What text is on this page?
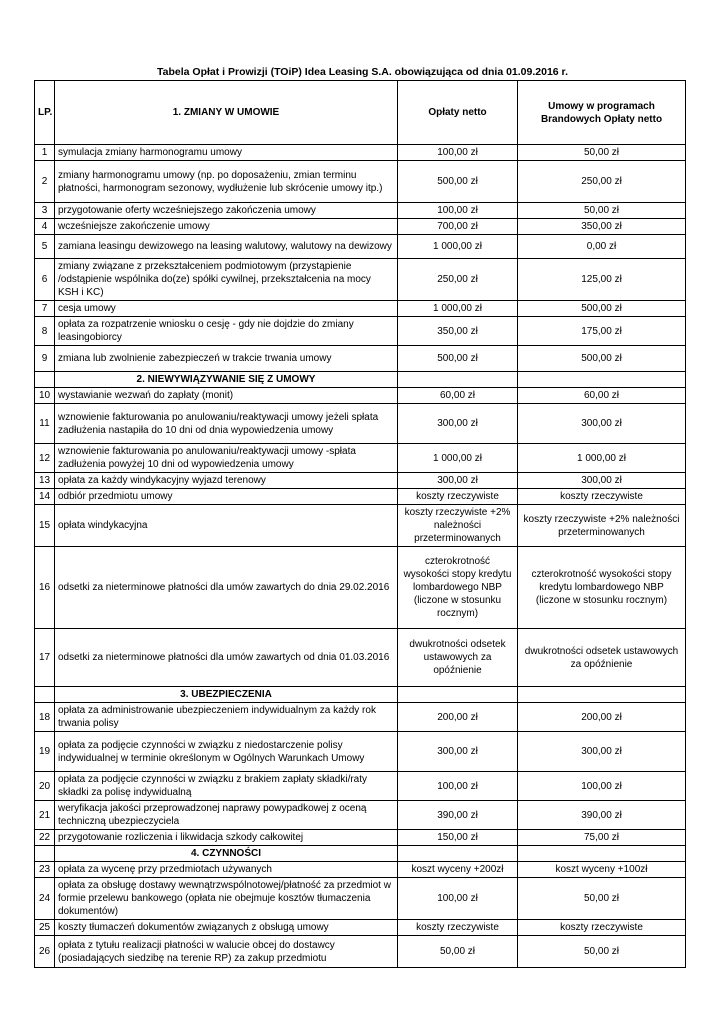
Tabela Opłat i Prowizji (TOiP) Idea Leasing S.A. obowiązująca od dnia 01.09.2016 r.
LP.	1. ZMIANY W UMOWIE	Opłaty netto	Umowy w programach Brandowych Opłaty netto
1	symulacja zmiany harmonogramu umowy	100,00 zł	50,00 zł
2	zmiany harmonogramu umowy (np. po doposażeniu, zmian terminu płatności, harmonogram sezonowy, wydłużenie lub skrócenie umowy itp.)	500,00 zł	250,00 zł
3	przygotowanie oferty wcześniejszego zakończenia umowy	100,00 zł	50,00 zł
4	wcześniejsze zakończenie umowy	700,00 zł	350,00 zł
5	zamiana leasingu dewizowego na leasing walutowy, walutowy na dewizowy	1 000,00 zł	0,00 zł
6	zmiany związane z przekształceniem podmiotowym (przystąpienie /odstąpienie wspólnika do(ze) spółki cywilnej, przekształcenia na mocy KSH i KC)	250,00 zł	125,00 zł
7	cesja umowy	1 000,00 zł	500,00 zł
8	opłata za rozpatrzenie wniosku o cesję - gdy nie dojdzie do zmiany leasingobiorcy	350,00 zł	175,00 zł
9	zmiana lub zwolnienie zabezpieczeń w trakcie trwania umowy	500,00 zł	500,00 zł
	2. NIEWYWIĄZYWANIE SIĘ Z UMOWY		
10	wystawianie wezwań do zapłaty (monit)	60,00 zł	60,00 zł
11	wznowienie fakturowania po anulowaniu/reaktywacji umowy jeżeli spłata zadłużenia nastapiła do 10 dni od dnia wypowiedzenia umowy	300,00 zł	300,00 zł
12	wznowienie fakturowania po anulowaniu/reaktywacji umowy -spłata zadłużenia powyżej 10 dni od wypowiedzenia umowy	1 000,00 zł	1 000,00 zł
13	opłata za każdy windykacyjny wyjazd terenowy	300,00 zł	300,00 zł
14	odbiór przedmiotu umowy	koszty rzeczywiste	koszty rzeczywiste
15	opłata windykacyjna	koszty rzeczywiste +2% należności przeterminowanych	koszty rzeczywiste +2% należności przeterminowanych
16	odsetki za nieterminowe płatności dla umów zawartych do dnia 29.02.2016	czterokrotność wysokości stopy kredytu lombardowego NBP (liczone w stosunku rocznym)	czterokrotność wysokości stopy kredytu lombardowego NBP (liczone w stosunku rocznym)
17	odsetki za nieterminowe płatności dla umów zawartych od dnia 01.03.2016	dwukrotności odsetek ustawowych za opóźnienie	dwukrotności odsetek ustawowych za opóźnienie
	3. UBEZPIECZENIA		
18	opłata za administrowanie ubezpieczeniem indywidualnym za każdy rok trwania polisy	200,00 zł	200,00 zł
19	opłata za podjęcie czynności w związku z niedostarczenie polisy indywidualnej w terminie określonym w Ogólnych Warunkach Umowy	300,00 zł	300,00 zł
20	opłata za podjęcie czynności w związku z brakiem zapłaty składki/raty składki za polisę indywidualną	100,00 zł	100,00 zł
21	weryfikacja jakości przeprowadzonej naprawy powypadkowej z oceną techniczną ubezpieczyciela	390,00 zł	390,00 zł
22	przygotowanie rozliczenia i likwidacja szkody całkowitej	150,00 zł	75,00 zł
	4. CZYNNOŚCI		
23	opłata za wycenę przy przedmiotach używanych	koszt wyceny +200zł	koszt wyceny +100zł
24	opłata za obsługę dostawy wewnątrzwspólnotowej/płatność za przedmiot w formie przelewu bankowego (opłata nie obejmuje kosztów tłumaczenia dokumentów)	100,00 zł	50,00 zł
25	koszty tłumaczeń dokumentów związanych z obsługą umowy	koszty rzeczywiste	koszty rzeczywiste
26	opłata z tytułu realizacji płatności w walucie obcej do dostawcy (posiadających siedzibę na terenie RP) za zakup przedmiotu	50,00 zł	50,00 zł
